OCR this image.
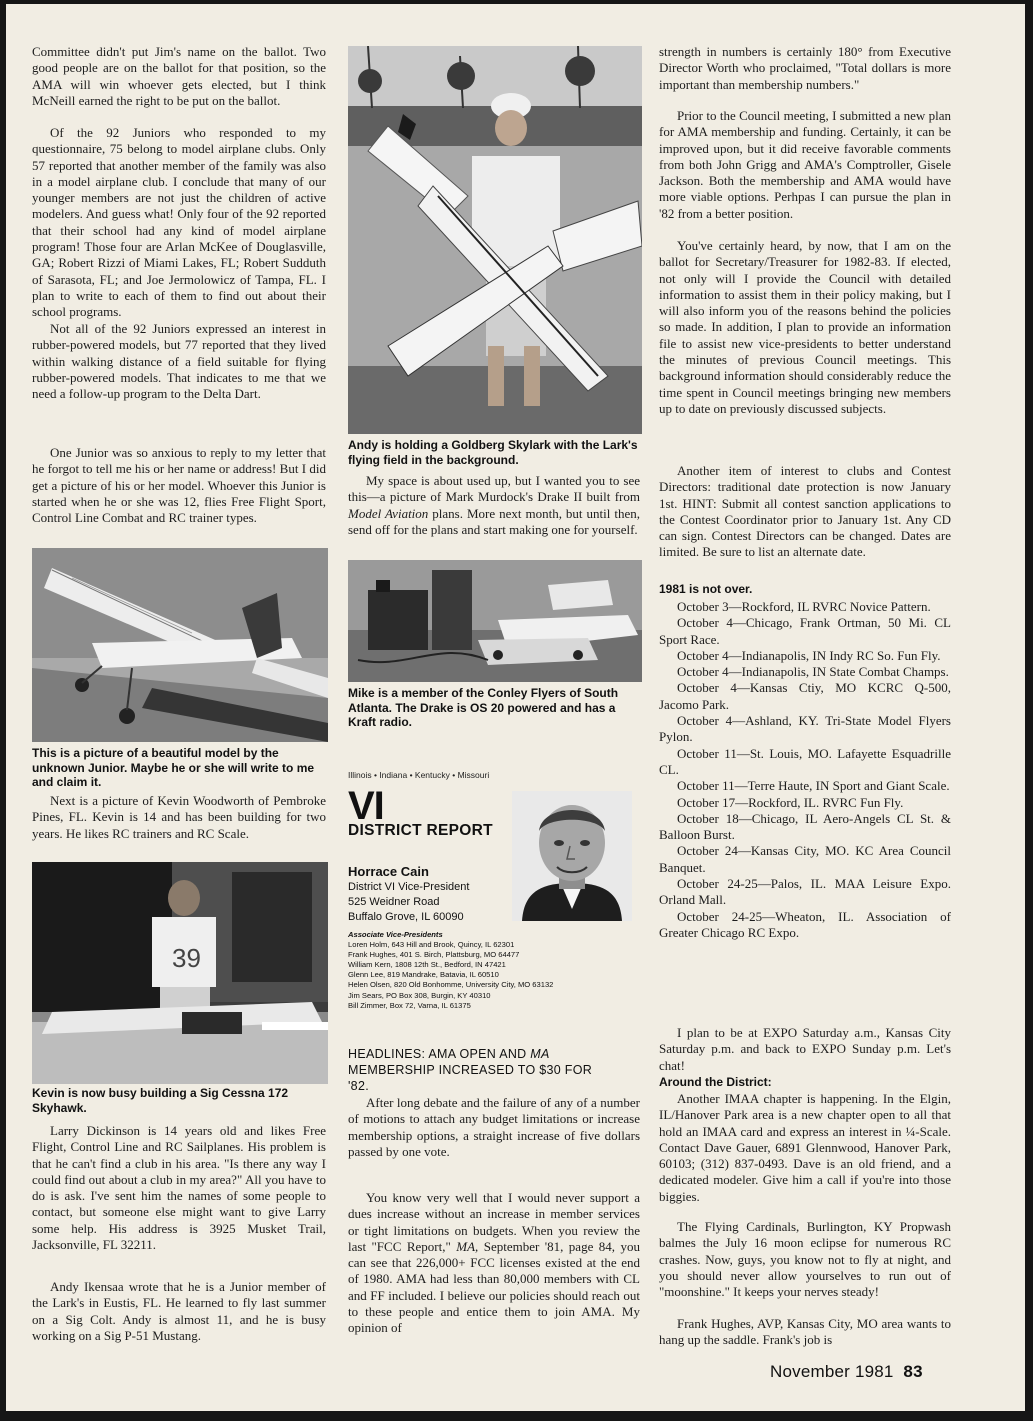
Committee didn't put Jim's name on the ballot. Two good people are on the ballot for that position, so the AMA will win whoever gets elected, but I think McNeill earned the right to be put on the ballot.

Of the 92 Juniors who responded to my questionnaire, 75 belong to model airplane clubs. Only 57 reported that another member of the family was also in a model airplane club. I conclude that many of our younger members are not just the children of active modelers. And guess what! Only four of the 92 reported that their school had any kind of model airplane program! Those four are Arlan McKee of Douglasville, GA; Robert Rizzi of Miami Lakes, FL; Robert Sudduth of Sarasota, FL; and Joe Jermolowicz of Tampa, FL. I plan to write to each of them to find out about their school programs.

Not all of the 92 Juniors expressed an interest in rubber-powered models, but 77 reported that they lived within walking distance of a field suitable for flying rubber-powered models. That indicates to me that we need a follow-up program to the Delta Dart.

One Junior was so anxious to reply to my letter that he forgot to tell me his or her name or address! But I did get a picture of his or her model. Whoever this Junior is started when he or she was 12, flies Free Flight Sport, Control Line Combat and RC trainer types.

This is a picture of a beautiful model by the unknown Junior. Maybe he or she will write to me and claim it.

Next is a picture of Kevin Woodworth of Pembroke Pines, FL. Kevin is 14 and has been building for two years. He likes RC trainers and RC Scale.

39

Kevin is now busy building a Sig Cessna 172 Skyhawk.

Larry Dickinson is 14 years old and likes Free Flight, Control Line and RC Sailplanes. His problem is that he can't find a club in his area. "Is there any way I could find out about a club in my area?" All you have to do is ask. I've sent him the names of some people to contact, but someone else might want to give Larry some help. His address is 3925 Musket Trail, Jacksonville, FL 32211.

Andy Ikensaa wrote that he is a Junior member of the Lark's in Eustis, FL. He learned to fly last summer on a Sig Colt. Andy is almost 11, and he is busy working on a Sig P-51 Mustang.

Andy is holding a Goldberg Skylark with the Lark's flying field in the background.

My space is about used up, but I wanted you to see this—a picture of Mark Murdock's Drake II built from Model Aviation plans. More next month, but until then, send off for the plans and start making one for yourself.

Mike is a member of the Conley Flyers of South Atlanta. The Drake is OS 20 powered and has a Kraft radio.

Illinois • Indiana • Kentucky • Missouri

VI

DISTRICT REPORT

Horrace Cain

District VI Vice-President

525 Weidner Road

Buffalo Grove, IL 60090

Associate Vice-Presidents

Loren Holm, 643 Hill and Brook, Quincy, IL 62301

Frank Hughes, 401 S. Birch, Plattsburg, MO 64477

William Kern, 1808 12th St., Bedford, IN 47421

Glenn Lee, 819 Mandrake, Batavia, IL 60510

Helen Olsen, 820 Old Bonhomme, University City, MO 63132

Jim Sears, PO Box 308, Burgin, KY 40310

Bill Zimmer, Box 72, Varna, IL 61375

HEADLINES: AMA OPEN AND MA MEMBERSHIP INCREASED TO $30 FOR '82.

After long debate and the failure of any of a number of motions to attach any budget limitations or increase membership options, a straight increase of five dollars passed by one vote.

You know very well that I would never support a dues increase without an increase in member services or tight limitations on budgets. When you review the last "FCC Report," MA, September '81, page 84, you can see that 226,000+ FCC licenses existed at the end of 1980. AMA had less than 80,000 members with CL and FF included. I believe our policies should reach out to these people and entice them to join AMA. My opinion of

strength in numbers is certainly 180° from Executive Director Worth who proclaimed, "Total dollars is more important than membership numbers."

Prior to the Council meeting, I submitted a new plan for AMA membership and funding. Certainly, it can be improved upon, but it did receive favorable comments from both John Grigg and AMA's Comptroller, Gisele Jackson. Both the membership and AMA would have more viable options. Perhpas I can pursue the plan in '82 from a better position.

You've certainly heard, by now, that I am on the ballot for Secretary/Treasurer for 1982-83. If elected, not only will I provide the Council with detailed information to assist them in their policy making, but I will also inform you of the reasons behind the policies so made. In addition, I plan to provide an information file to assist new vice-presidents to better understand the minutes of previous Council meetings. This background information should considerably reduce the time spent in Council meetings bringing new members up to date on previously discussed subjects.

Another item of interest to clubs and Contest Directors: traditional date protection is now January 1st. HINT: Submit all contest sanction applications to the Contest Coordinator prior to January 1st. Any CD can sign. Contest Directors can be changed. Dates are limited. Be sure to list an alternate date.

1981 is not over.

October 3—Rockford, IL RVRC Novice Pattern.

October 4—Chicago, Frank Ortman, 50 Mi. CL Sport Race.

October 4—Indianapolis, IN Indy RC So. Fun Fly.

October 4—Indianapolis, IN State Combat Champs.

October 4—Kansas Ctiy, MO KCRC Q-500, Jacomo Park.

October 4—Ashland, KY. Tri-State Model Flyers Pylon.

October 11—St. Louis, MO. Lafayette Esquadrille CL.

October 11—Terre Haute, IN Sport and Giant Scale.

October 17—Rockford, IL. RVRC Fun Fly.

October 18—Chicago, IL Aero-Angels CL St. & Balloon Burst.

October 24—Kansas City, MO. KC Area Council Banquet.

October 24-25—Palos, IL. MAA Leisure Expo. Orland Mall.

October 24-25—Wheaton, IL. Association of Greater Chicago RC Expo.

I plan to be at EXPO Saturday a.m., Kansas City Saturday p.m. and back to EXPO Sunday p.m. Let's chat!

Around the District:

Another IMAA chapter is happening. In the Elgin, IL/Hanover Park area is a new chapter open to all that hold an IMAA card and express an interest in ¼-Scale. Contact Dave Gauer, 6891 Glennwood, Hanover Park, 60103; (312) 837-0493. Dave is an old friend, and a dedicated modeler. Give him a call if you're into those biggies.

The Flying Cardinals, Burlington, KY Propwash balmes the July 16 moon eclipse for numerous RC crashes. Now, guys, you know not to fly at night, and you should never allow yourselves to run out of "moonshine." It keeps your nerves steady!

Frank Hughes, AVP, Kansas City, MO area wants to hang up the saddle. Frank's job is

November 1981 83
